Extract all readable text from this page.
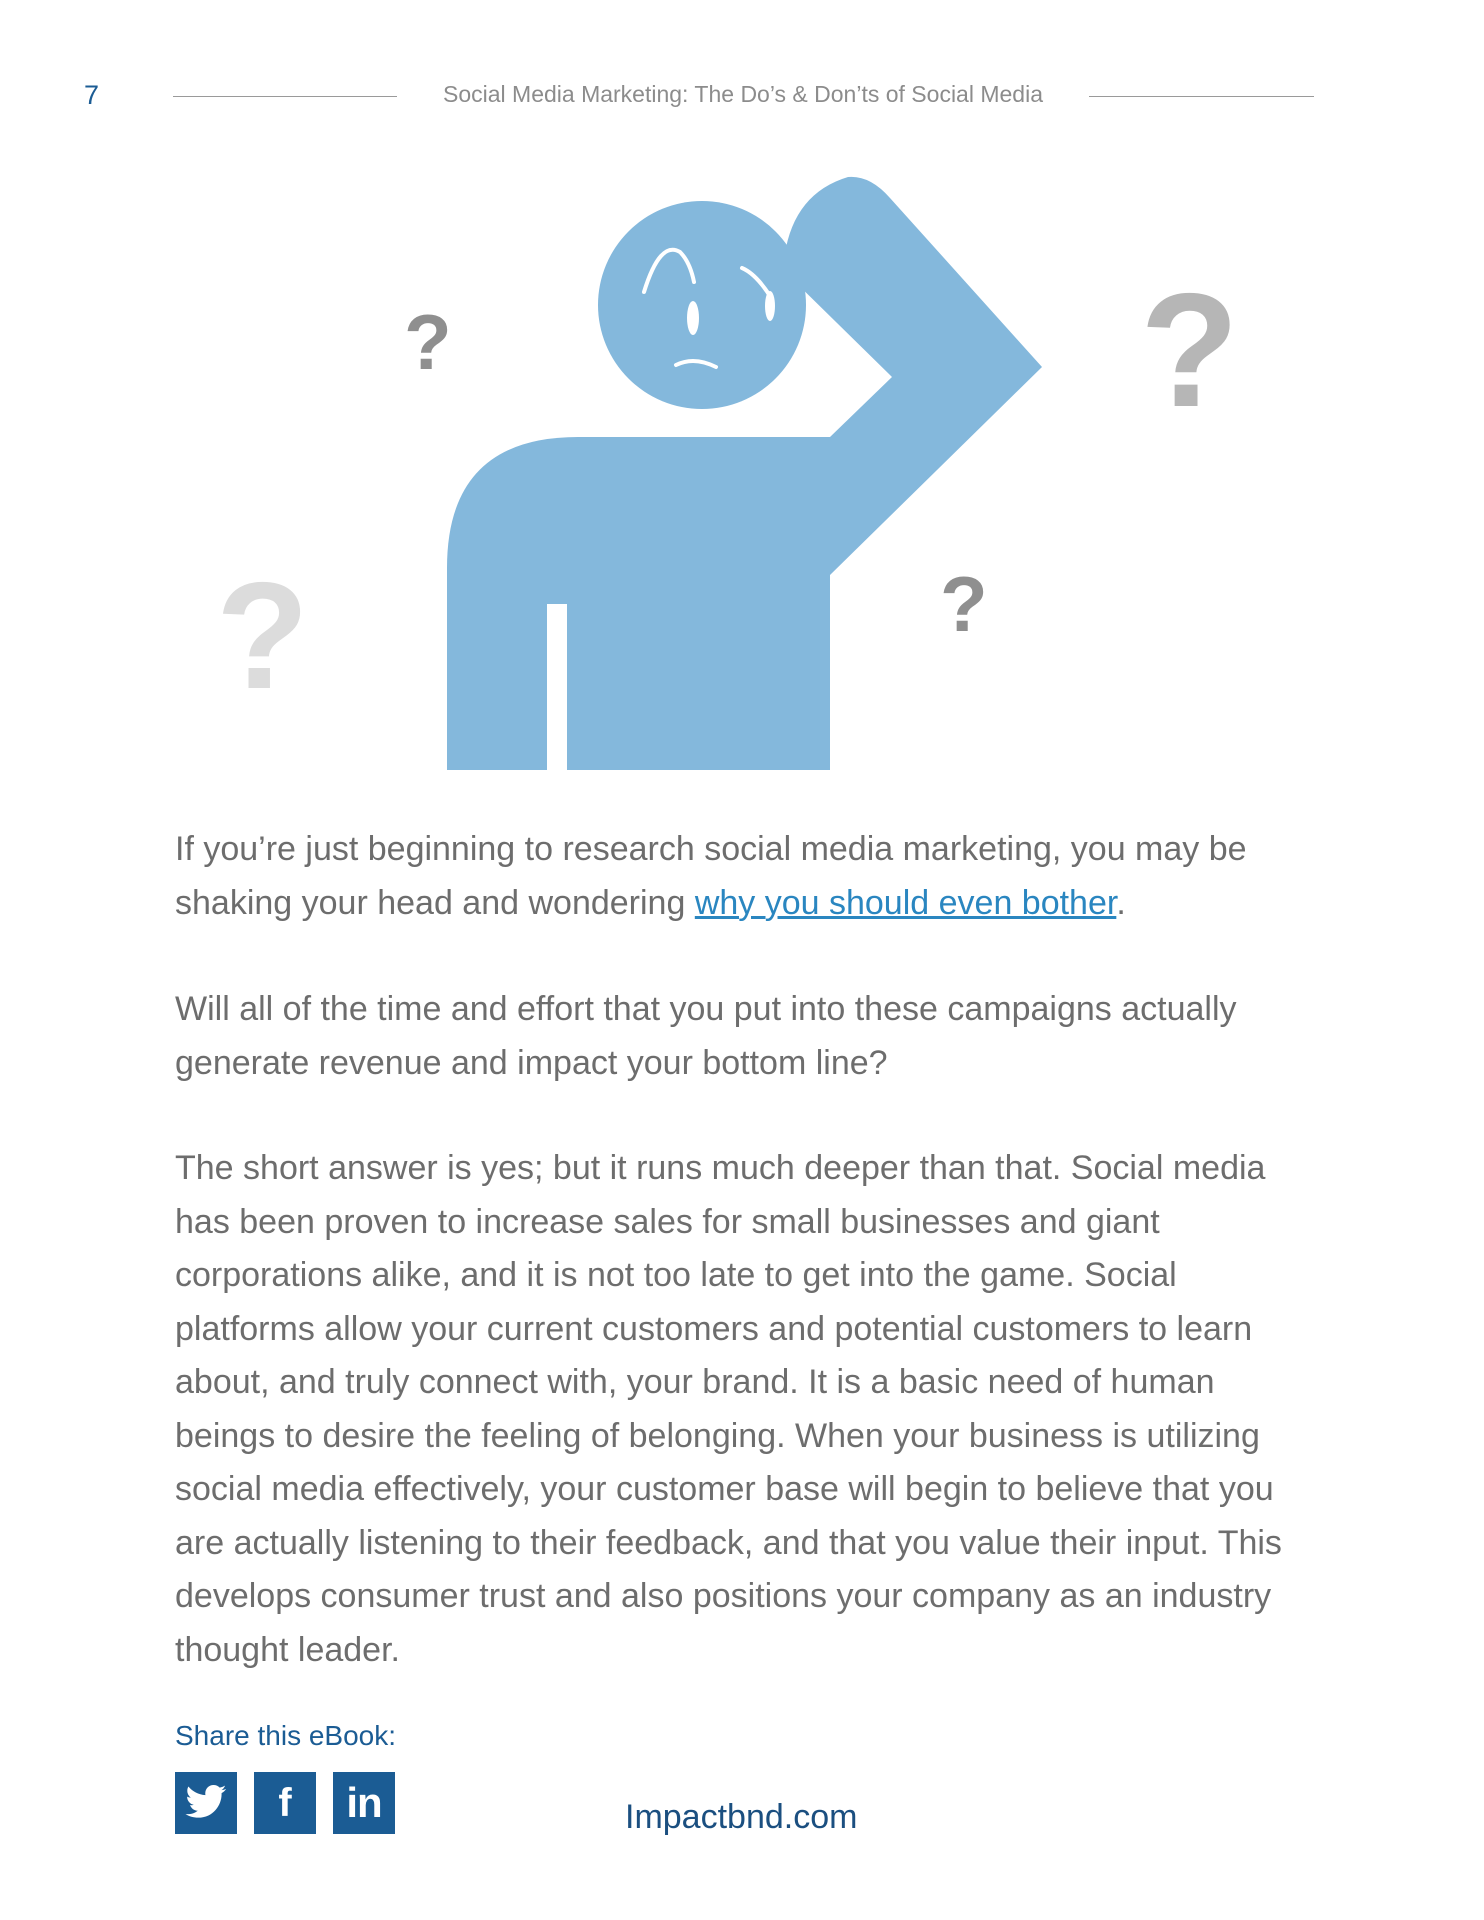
7	Social Media Marketing: The Do’s & Don’ts of Social Media
?	?
?	?

If you’re just beginning to research social media marketing, you may be shaking your head and wondering why you should even bother.

Will all of the time and effort that you put into these campaigns actually generate revenue and impact your bottom line?

The short answer is yes; but it runs much deeper than that. Social media has been proven to increase sales for small businesses and giant corporations alike, and it is not too late to get into the game. Social platforms allow your current customers and potential customers to learn about, and truly connect with, your brand. It is a basic need of human beings to desire the feeling of belonging. When your business is utilizing social media effectively, your customer base will begin to believe that you are actually listening to their feedback, and that you value their input. This develops consumer trust and also positions your company as an industry thought leader.

Share this eBook:
f in	Impactbnd.com
